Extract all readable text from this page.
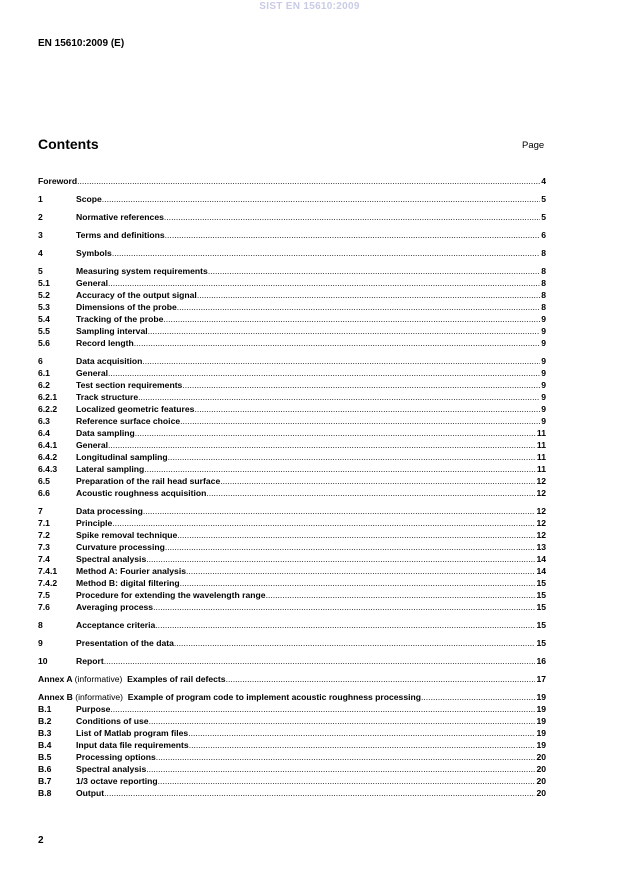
SIST EN 15610:2009
EN 15610:2009 (E)
Contents	Page
Foreword .....	4
1	Scope .....	5
2	Normative references .....	5
3	Terms and definitions .....	6
4	Symbols .....	8
5	Measuring system requirements .....	8
5.1	General .....	8
5.2	Accuracy of the output signal .....	8
5.3	Dimensions of the probe .....	8
5.4	Tracking of the probe .....	9
5.5	Sampling interval .....	9
5.6	Record length .....	9
6	Data acquisition .....	9
6.1	General .....	9
6.2	Test section requirements .....	9
6.2.1	Track structure .....	9
6.2.2	Localized geometric features .....	9
6.3	Reference surface choice .....	9
6.4	Data sampling .....	11
6.4.1	General .....	11
6.4.2	Longitudinal sampling .....	11
6.4.3	Lateral sampling .....	11
6.5	Preparation of the rail head surface .....	12
6.6	Acoustic roughness acquisition .....	12
7	Data processing .....	12
7.1	Principle .....	12
7.2	Spike removal technique .....	12
7.3	Curvature processing .....	13
7.4	Spectral analysis .....	14
7.4.1	Method A: Fourier analysis .....	14
7.4.2	Method B: digital filtering .....	15
7.5	Procedure for extending the wavelength range .....	15
7.6	Averaging process .....	15
8	Acceptance criteria .....	15
9	Presentation of the data .....	15
10	Report .....	16
Annex A (informative) Examples of rail defects .....	17
Annex B (informative) Example of program code to implement acoustic roughness processing .....	19
B.1	Purpose .....	19
B.2	Conditions of use .....	19
B.3	List of Matlab program files .....	19
B.4	Input data file requirements .....	19
B.5	Processing options .....	20
B.6	Spectral analysis .....	20
B.7	1/3 octave reporting .....	20
B.8	Output .....	20
2
